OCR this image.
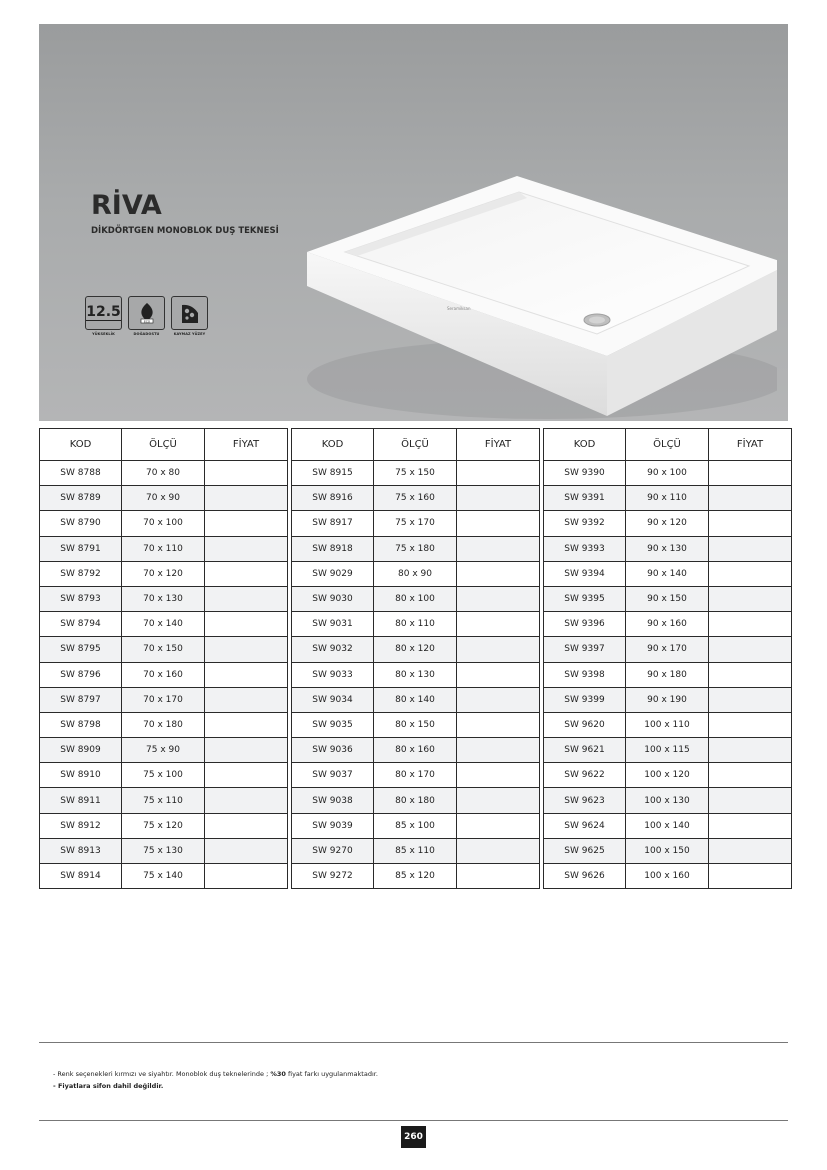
RİVA
DİKDÖRTGEN MONOBLOK DUŞ TEKNESİ
12.5
YÜKSEKLİK
ECO
DOĞADOSTU	KAYMAZ YÜZEY
Seramiksan
KOD	ÖLÇÜ	FİYAT
SW 8788	70 x 80	
SW 8789	70 x 90	
SW 8790	70 x 100	
SW 8791	70 x 110	
SW 8792	70 x 120	
SW 8793	70 x 130	
SW 8794	70 x 140	
SW 8795	70 x 150	
SW 8796	70 x 160	
SW 8797	70 x 170	
SW 8798	70 x 180	
SW 8909	75 x 90	
SW 8910	75 x 100	
SW 8911	75 x 110	
SW 8912	75 x 120	
SW 8913	75 x 130	
SW 8914	75 x 140	
KOD	ÖLÇÜ	FİYAT
SW 8915	75 x 150	
SW 8916	75 x 160	
SW 8917	75 x 170	
SW 8918	75 x 180	
SW 9029	80 x 90	
SW 9030	80 x 100	
SW 9031	80 x 110	
SW 9032	80 x 120	
SW 9033	80 x 130	
SW 9034	80 x 140	
SW 9035	80 x 150	
SW 9036	80 x 160	
SW 9037	80 x 170	
SW 9038	80 x 180	
SW 9039	85 x 100	
SW 9270	85 x 110	
SW 9272	85 x 120	
KOD	ÖLÇÜ	FİYAT
SW 9390	90 x 100	
SW 9391	90 x 110	
SW 9392	90 x 120	
SW 9393	90 x 130	
SW 9394	90 x 140	
SW 9395	90 x 150	
SW 9396	90 x 160	
SW 9397	90 x 170	
SW 9398	90 x 180	
SW 9399	90 x 190	
SW 9620	100 x 110	
SW 9621	100 x 115	
SW 9622	100 x 120	
SW 9623	100 x 130	
SW 9624	100 x 140	
SW 9625	100 x 150	
SW 9626	100 x 160	
- Renk seçenekleri kırmızı ve siyahtır. Monoblok duş teknelerinde ; %30 fiyat farkı uygulanmaktadır.
- Fiyatlara sifon dahil değildir.
260
